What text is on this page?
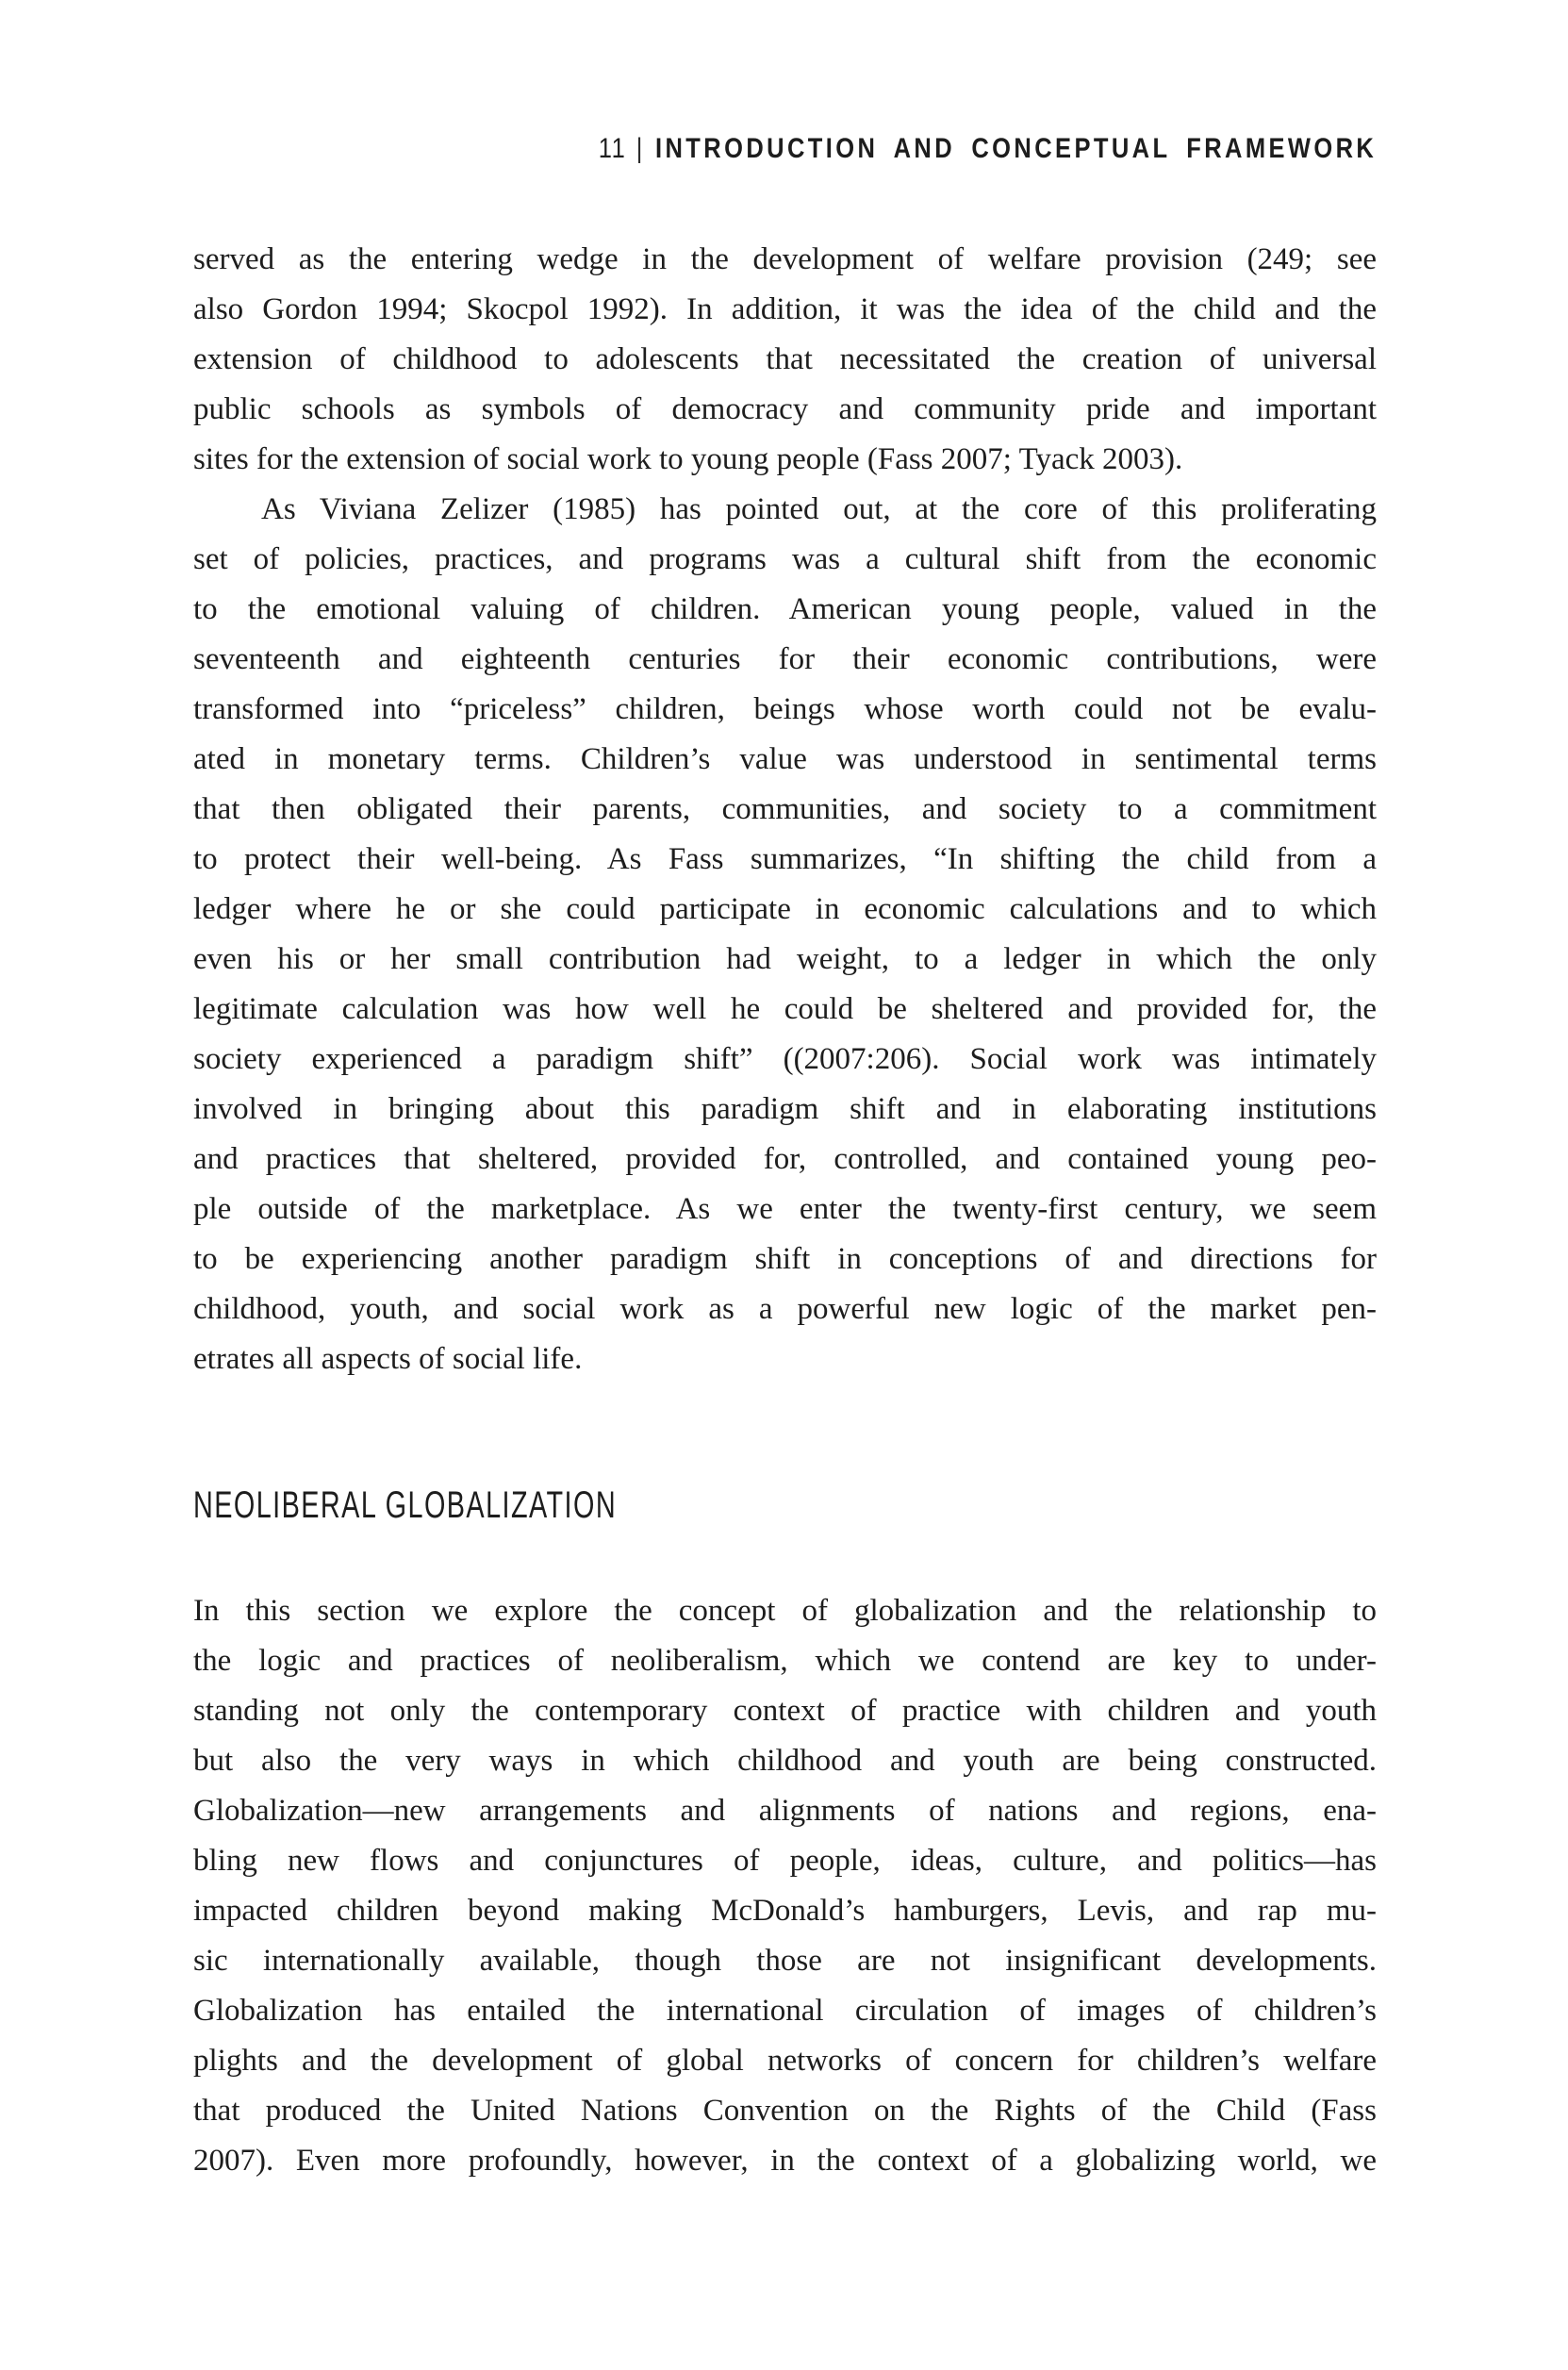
11 | INTRODUCTION AND CONCEPTUAL FRAMEWORK

served as the entering wedge in the development of welfare provision (249; see
also Gordon 1994; Skocpol 1992). In addition, it was the idea of the child and the
extension of childhood to adolescents that necessitated the creation of universal
public schools as symbols of democracy and community pride and important
sites for the extension of social work to young people (Fass 2007; Tyack 2003).

As Viviana Zelizer (1985) has pointed out, at the core of this proliferating
set of policies, practices, and programs was a cultural shift from the economic
to the emotional valuing of children. American young people, valued in the
seventeenth and eighteenth centuries for their economic contributions, were
transformed into “priceless” children, beings whose worth could not be evalu-
ated in monetary terms. Children’s value was understood in sentimental terms
that then obligated their parents, communities, and society to a commitment
to protect their well-being. As Fass summarizes, “In shifting the child from a
ledger where he or she could participate in economic calculations and to which
even his or her small contribution had weight, to a ledger in which the only
legitimate calculation was how well he could be sheltered and provided for, the
society experienced a paradigm shift” ((2007:206). Social work was intimately
involved in bringing about this paradigm shift and in elaborating institutions
and practices that sheltered, provided for, controlled, and contained young peo-
ple outside of the marketplace. As we enter the twenty-first century, we seem
to be experiencing another paradigm shift in conceptions of and directions for
childhood, youth, and social work as a powerful new logic of the market pen-
etrates all aspects of social life.

NEOLIBERAL GLOBALIZATION

In this section we explore the concept of globalization and the relationship to
the logic and practices of neoliberalism, which we contend are key to under-
standing not only the contemporary context of practice with children and youth
but also the very ways in which childhood and youth are being constructed.
Globalization—new arrangements and alignments of nations and regions, ena-
bling new flows and conjunctures of people, ideas, culture, and politics—has
impacted children beyond making McDonald’s hamburgers, Levis, and rap mu-
sic internationally available, though those are not insignificant developments.
Globalization has entailed the international circulation of images of children’s
plights and the development of global networks of concern for children’s welfare
that produced the United Nations Convention on the Rights of the Child (Fass
2007). Even more profoundly, however, in the context of a globalizing world, we
